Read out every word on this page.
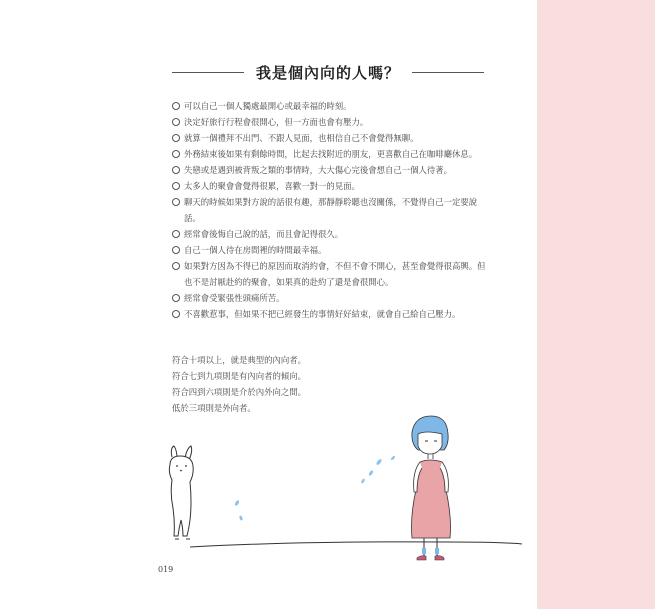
我是個內向的人嗎？
可以自己一個人獨處最開心或最幸福的時刻。
決定好旅行行程會很開心，但一方面也會有壓力。
就算一個禮拜不出門、不跟人見面，也相信自己不會覺得無聊。
外務結束後如果有剩餘時間，比起去找附近的朋友，更喜歡自己在咖啡廳休息。
失戀或是遇到被背叛之類的事情時，大大傷心完後會想自己一個人待著。
太多人的聚會會覺得很累，喜歡一對一的見面。
聊天的時候如果對方說的話很有趣，那靜靜聆聽也沒關係，不覺得自己一定要說話。
經常會後悔自己說的話，而且會記得很久。
自己一個人待在房間裡的時間最幸福。
如果對方因為不得已的原因而取消約會，不但不會不開心，甚至會覺得很高興。但也不是討厭赴約的聚會，如果真的赴約了還是會很開心。
經常會受緊張性頭痛所苦。
不喜歡惹事，但如果不把已經發生的事情好好結束，就會自己給自己壓力。
符合十項以上，就是典型的內向者。
符合七到九項則是有內向者的傾向。
符合四到六項則是介於內外向之間。
低於三項則是外向者。
019
